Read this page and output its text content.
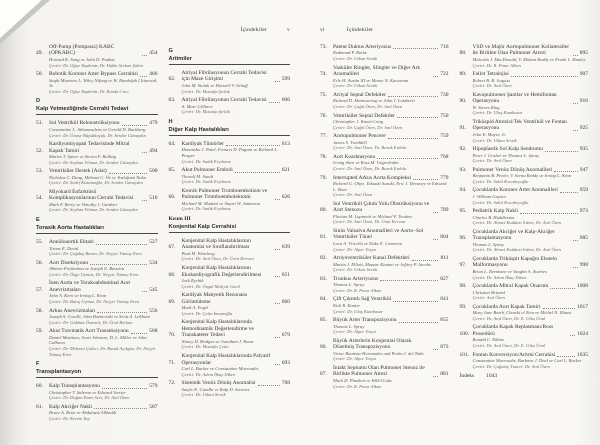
İçindekiler	v
49.
Off-Pump (Pompasız) KABC (OPKABC)	454
Howard K. Song ve John D. Puskas
Çeviri: Dr. Oğuz Taşdemir, Dr. Hakkı Serkan Şahin
50.	Robotik Koroner Arter Bypass Cerrahisi 466
Saqib Masroor, L. Wiley Nifong ve W. Randolph Chitwood, Jr.
Çeviri: Dr. Oğuz Taşdemir, Dr. Renda Cırcı
D
Kalp Yetmezliğinde Cerrahi Tedavi
51.	Sol Ventrikül Rekonstrüksiyonu	479
Constantine L. Athanasuleas ve Gerald D. Buckberg
Çeviri: Dr. Ünase Büyükkoçak, Dr. Serdar Günaydın
52.
Kardiyomiyopati Tedavisinde Mitral Kapak Tamiri	494
Martin T. Spoor ve Steven F. Bolling
Çeviri: Dr. Seyhan Yılmaz, Dr. Serdar Günaydın
53.	Ventriküler Destek (Asist)	500
Nicholas C. Dang, Mehmet C. Öz ve Yoshifumi Naka
Çeviri: Dr. Sedef Küsümoğlu, Dr. Serdar Günaydın
54.
Miyokard Enfarktüsü Komplikasyonlarının Cerrahi Tedavisi	510
Mark F. Berry ve Timothy J. Gardner
Çeviri: Dr. Seyhan Yılmaz, Dr. Serdar Günaydın
E
Torasik Aorta Hastalıkları
55.	Annüloaortik Ektazi	527
Tirone E. David
Çeviri: Dr. Çağdaş Baran, Dr. Neyyir Tümay Eren
56.	Aort Diseksiyonu	534
Alberto Pochettino ve Joseph E. Bavaria
Çeviri: Dr. Özge Uymaz, Dr. Neyyir Tümay Eren
57.
İnen Aorta ve Torakoabdominal Aort Anevrizmaları	545
John A. Kern ve Irving L. Kron
Çeviri: Dr. Barış Uymaz, Dr. Neyyir Tümay Eren
58.	Arkus Anevrizmaları	556
Joseph S. Coselli, John Bozinovski ve Scott A. LeMaire
Çeviri: Dr. Gökhan Östemir, Dr. Öcal Berkan
59.	Akut Travmatik Aort Transeksiyonu	568
Daniel Martinez, Scott Johnson, D. L. Miller ve John Calhoon
Çeviri: Dr. Mehmet Çakıcı, Dr. Burak Açıkgöz, Dr. Neyyir Tümay Eren
F
Transplantasyon
60.	Kalp Transplantasyonu	579
Christopher T. Salerno ve Edward Verrier
Çeviri: Dr. Doğan Emre Sert, Dr. Anıl Özen
61.	Kalp Akciğer Nakli	587
Bruce A. Reitz ve Abdulaziz Alkhaldi
Çeviri: Dr. Kerem Yay
G
Aritmiler
62.
Atriyal Fibrilasyonun Cerrahi Tedavisi için Maze Girişimi	599
John M. Stulak ve Hartzell V. Schaff
Çeviri: Dr. Mustafa Şırlak
63.	Atriyal Fibrilasyonun Cerrahi Tedavisi	606
A. Marc Gillinov
Çeviri: Dr. Mustafa Şırlak
H
Diğer Kalp Hastalıkları
64.	Kardiyak Tümörler	613
Himanshu J. Patel, Francis D. Pagani ve Richard L. Prager
Çeviri: Dr. Sadık Eryılmaz
65.	Akut Pulmoner Emboli	621
Thoralf M. Sundt
Çeviri: Dr. Sadık Eryılmaz
66.
Kronik Pulmoner Tromboembolizm ve Pulmoner Tromboembolektomi	626
Michael M. Madani ve Stuart W. Jamieson
Çeviri: Dr. Sadık Eryılmaz
Kısım III
Konjenital Kalp Cerrahisi
67.
Konjenital Kalp Hastalıklarının Anatomisi ve Sınıflandırılması	639
Paul M. Weinberg
Çeviri: Dr. Anıl Özen, Dr. Ümit Kervan
68.
Konjenital Kalp Hastalıklarının Ekokardiyografik Değerlendirilmesi	651
Jack Rychik
Çeviri: Dr. Özgül Malçok Gürel
69.
Kardiyak Manyetik Rezonans Görüntüleme	660
Mark A. Fogel
Çeviri: Dr. Çetin İmamoğlu
70.
Konjenital Kalp Hastalıklarında Hemodinamik Değerlendirme ve Transkateter Tedavi	679
Nancy D. Bridges ve Jonathan J. Rome
Çeviri: Dr. Mustafa Çetin
71.
Konjenital Kalp Hastalıklarında Palyatif Operasyonlar	693
Carl L. Backer ve Constantine Mavroudis
Çeviri: Dr. Adem İlkay Diken
72.	Sistemik Venöz Dönüş Anomalisi	708
Sanjiv K. Gandhi ve Ralp D. Siewers
Çeviri: Dr. Utkan Sevük
vi	İçindekiler
73.	Patent Duktus Arteriyozus	716
Redmond P. Burke
Çeviri: Dr. Utkan Sevük
74.
Vasküler Ringler, Slingler ve Diğer Ark Anomalileri	722
Erle H. Austin III ve Minoo N. Kavarana
Çeviri: Dr. Utkan Sevük
75.	Atriyal Septal Defektler	730
Richard D. Mainwaring ve John J. Lamberti
Çeviri: Dr. Çağıl Özen, Dr. Anıl Özen
76.	Ventriküler Septal Defektler	750
Christopher J. Knott-Craig
Çeviri: Dr. Çağıl Özen, Dr. Anıl Özen
77.	Aortopulmoner Pencere	759
James S. Tweddell
Çeviri: Dr. Anıl Özen, Dr. Burak Erdolu
78.	Aort Koarktasyonu	768
Irving Shen ve Ross M. Ungerleider
Çeviri: Dr. Anıl Özen, Dr. Burak Erdolu
79.	Interrupted Arkus Aorta Kompleksi	779
Richard G. Ohye, Takaaki Suzuki, Eric J. Devaney ve Edward L. Bove
Çeviri: Dr. Anıl Özen
80.
Sol Ventrikül Çıkım Yolu Obstrüksiyonu ve Aort Stenozu	789
Flavian M. Lupinetti ve Michael F. Teodori
Çeviri: Dr. Anıl Özen, Dr. Ümit Kervan
81.
Sinüs Valsalva Anomalileri ve Aorto–Sol Ventriküler Tünel	804
Luca A. Vricella ve Duke E. Cameron
Çeviri: Dr. Alper Tosya
82.	Atriyoventriküler Kanal Defektleri	811
Martin J. Elliott, Mazyar Kanani ve Jeffrey P. Jacobs
Çeviri: Dr. Utkan Sevük
83.	Trunkus Arteriyozus	827
Thomas L. Spray
Çeviri: Dr. R. Pınar Alkan
84.	Çift Çıkımlı Sağ Ventrikül	841
Kirk R. Kanter
Çeviri: Dr. Ulaş Kumbasar
85.	Büyük Arter Transpozisyonu	855
Thomas L. Spray
Çeviri: Dr. Alper Tosya
86.
Büyük Arterlerin Konjenital Olarak Düzelmiş Transpozisyonu	873
Victor Bautista-Hernandez and Pedro J. del Nido
Çeviri: Dr. Alper Tosya
87.
İntakt Septumu Olan Pulmoner Stenoz ile Birlikte Pulmoner Atrezi	881
Mark D. Plunkett ve Hillel Laks
Çeviri: Dr. R. Pınar Alkan
88.
VSD ve Majör Aortopulmoner Kollateraller ile Birlikte Olan Pulmoner Atrezi	895
Malcolm J. MacDonald, V. Mohan Reddy ve Frank L. Hanley
Çeviri: Dr. R. Pınar Alkan
89.	Fallot Tetralojisi	907
Robert B. B. Jaquiss
Çeviri: Dr. Anıl Özen
90.
Kavopulmoner Şantlar ve Hemifontan Operasyonu	916
W. Steves Ring
Çeviri: Dr. Ulaş Kumbasar
91.
Triküspid Atrezisi/Tek Ventrikül ve Fontan Operasyonu	925
John E. Mayer, Jr.
Çeviri: Dr. Utkan Sevük
92.	Hipoplastik Sol Kalp Sendromu	935
Peter J. Gruber ve Thomas L. Spray
Çeviri: Dr. Anıl Özen
93.	Pulmoner Venöz Dönüş Anomalileri	947
Benjamin B. Peeler, V. Seenu Reddy ve Irving L. Kron
Çeviri: Dr. Sabit Kocabeyoğlu
94.	Çocuklarda Koroner Arter Anomalileri	959
J. William Gaynor
Çeviri: Dr. Sabit Kocabeyoğlu
95.	Pediatrik Kalp Nakli	973
Charles B. Huddleston
Çeviri: Dr. Ahmet Kuddusi İrdem, Dr. Anıl Özen
96.
Çocuklarda Akciğer ve Kalp-Akciğer Transplantasyonu	985
Thomas L. Spray
Çeviri: Dr. Ahmet Kuddusi İrdem, Dr. Anıl Özen
97.
Çocuklarda Triküspit Kapağın Ebstein Malformasyonu	998
Brian L. Reemtsen ve Vaughn A. Starnes
Çeviri: Dr. Adem İlkay Diken
98.	Çocuklarda Mitral Kapak Onarımı	1008
Christian Brizard
Çeviri: Anıl Özen
99.	Çocuklarda Aort Kapak Tamiri	1017
Mary Jane Barth, Chawki el Zein ve Michel N. Ilbawi
Çeviri: Dr. Anıl Özen, Dr. E. Utku Ünal
100.
Çocuklarda Kapak Replasmanı/Ross Prosedürü	1024
Ronald C. Elkins
Çeviri: Dr. Anıl Özen, Dr. E. Utku Ünal
101. Fontan Konversiyon/Aritmi Cerrahisi	1035
Constantine Mavroudis, Barbara J. Deal ve Carl L. Backer
Çeviri: Dr. Çağatay Tuncel, Dr. Anıl Özen
İndeks 1043
